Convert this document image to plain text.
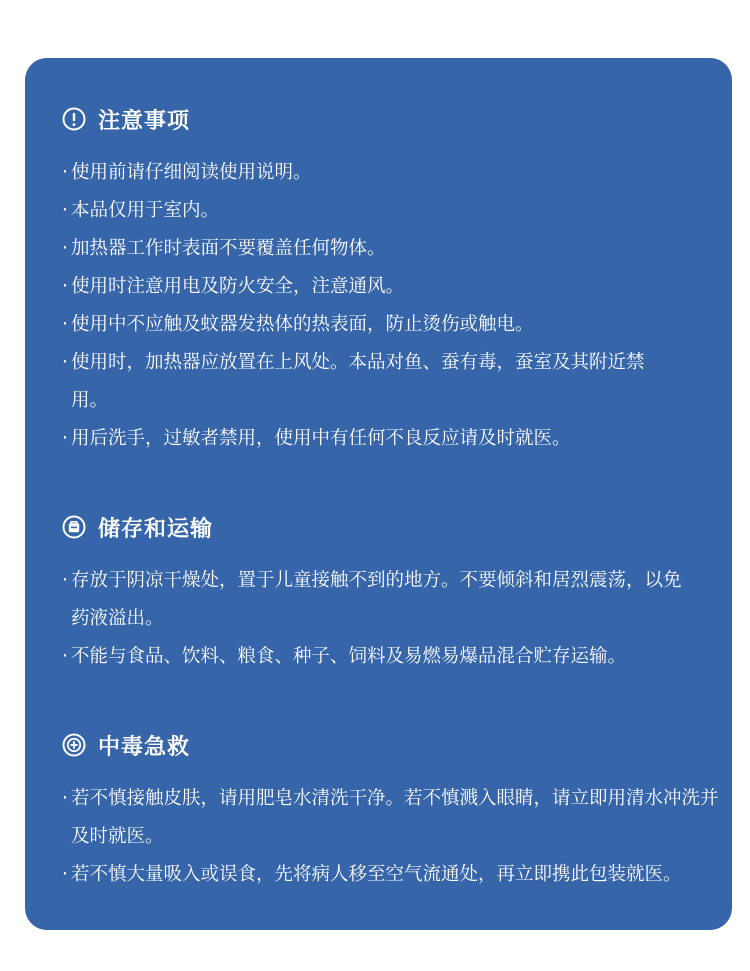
注意事项
· 使用前请仔细阅读使用说明。
· 本品仅用于室内。
· 加热器工作时表面不要覆盖任何物体。
· 使用时注意用电及防火安全，注意通风。
· 使用中不应触及蚊器发热体的热表面，防止烫伤或触电。
· 使用时，加热器应放置在上风处。本品对鱼、蚕有毒，蚕室及其附近禁用。
· 用后洗手，过敏者禁用，使用中有任何不良反应请及时就医。
储存和运输
· 存放于阴凉干燥处，置于儿童接触不到的地方。不要倾斜和居烈震荡，以免药液溢出。
· 不能与食品、饮料、粮食、种子、饲料及易燃易爆品混合贮存运输。
中毒急救
· 若不慎接触皮肤，请用肥皂水清洗干净。若不慎溅入眼睛，请立即用清水冲洗并及时就医。
· 若不慎大量吸入或误食，先将病人移至空气流通处，再立即携此包装就医。
